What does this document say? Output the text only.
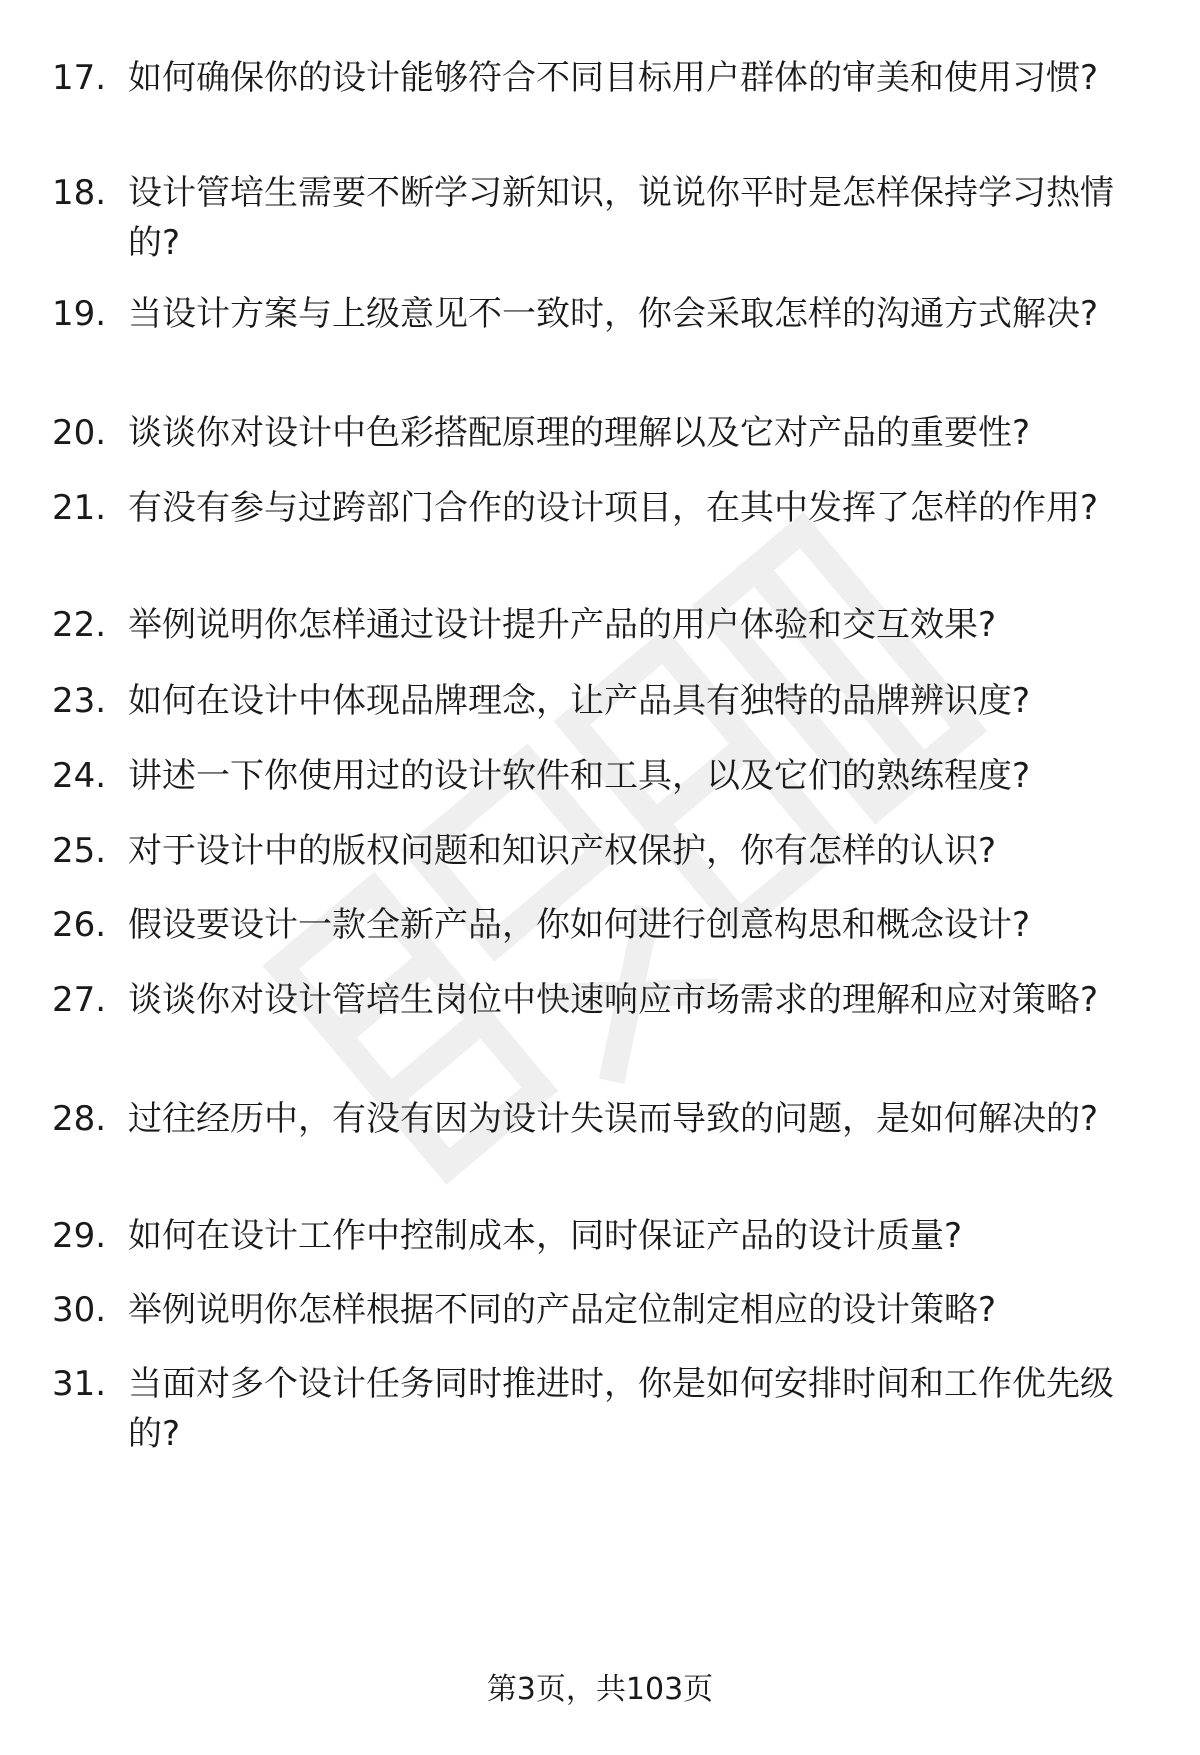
17. 如何确保你的设计能够符合不同目标用户群体的审美和使用习惯?
18. 设计管培生需要不断学习新知识，说说你平时是怎样保持学习热情的?
19. 当设计方案与上级意见不一致时，你会采取怎样的沟通方式解决?
20. 谈谈你对设计中色彩搭配原理的理解以及它对产品的重要性?
21. 有没有参与过跨部门合作的设计项目，在其中发挥了怎样的作用?
22. 举例说明你怎样通过设计提升产品的用户体验和交互效果?
23. 如何在设计中体现品牌理念，让产品具有独特的品牌辨识度?
24. 讲述一下你使用过的设计软件和工具，以及它们的熟练程度?
25. 对于设计中的版权问题和知识产权保护，你有怎样的认识?
26. 假设要设计一款全新产品，你如何进行创意构思和概念设计?
27. 谈谈你对设计管培生岗位中快速响应市场需求的理解和应对策略?
28. 过往经历中，有没有因为设计失误而导致的问题，是如何解决的?
29. 如何在设计工作中控制成本，同时保证产品的设计质量?
30. 举例说明你怎样根据不同的产品定位制定相应的设计策略?
31. 当面对多个设计任务同时推进时，你是如何安排时间和工作优先级的?
第3页，共103页
